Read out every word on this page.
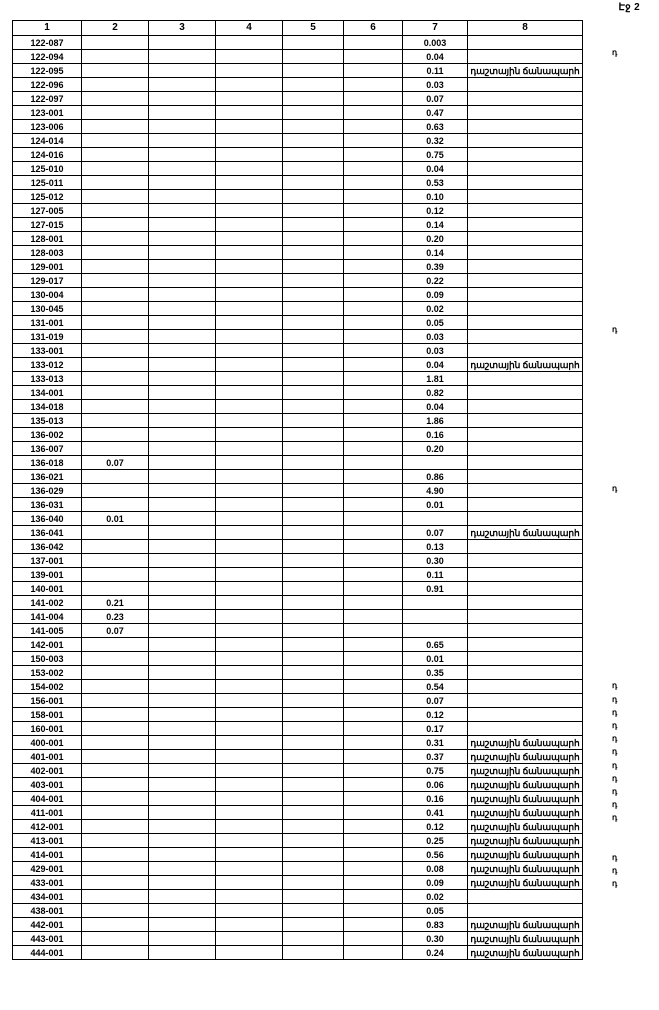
Էջ 2
1	2	3	4	5	6	7	8
122-087						0.003	
122-094						0.04	
122-095						0.11	դաշտային ճանապարհ
122-096						0.03	
122-097						0.07	
123-001						0.47	
123-006						0.63	
124-014						0.32	
124-016						0.75	
125-010						0.04	
125-011						0.53	
125-012						0.10	
127-005						0.12	
127-015						0.14	
128-001						0.20	
128-003						0.14	
129-001						0.39	
129-017						0.22	
130-004						0.09	
130-045						0.02	
131-001						0.05	
131-019						0.03	
133-001						0.03	
133-012						0.04	դաշտային ճանապարհ
133-013						1.81	
134-001						0.82	
134-018						0.04	
135-013						1.86	
136-002						0.16	
136-007						0.20	
136-018	0.07						
136-021						0.86	
136-029						4.90	
136-031						0.01	
136-040	0.01						
136-041						0.07	դաշտային ճանապարհ
136-042						0.13	
137-001						0.30	
139-001						0.11	
140-001						0.91	
141-002	0.21						
141-004	0.23						
141-005	0.07						
142-001						0.65	
150-003						0.01	
153-002						0.35	
154-002						0.54	
156-001						0.07	
158-001						0.12	
160-001						0.17	
400-001						0.31	դաշտային ճանապարհ
401-001						0.37	դաշտային ճանապարհ
402-001						0.75	դաշտային ճանապարհ
403-001						0.06	դաշտային ճանապարհ
404-001						0.16	դաշտային ճանապարհ
411-001						0.41	դաշտային ճանապարհ
412-001						0.12	դաշտային ճանապարհ
413-001						0.25	դաշտային ճանապարհ
414-001						0.56	դաշտային ճանապարհ
429-001						0.08	դաշտային ճանապարհ
433-001						0.09	դաշտային ճանապարհ
434-001						0.02	
438-001						0.05	
442-001						0.83	դաշտային ճանապարհ
443-001						0.30	դաշտային ճանապարհ
444-001						0.24	դաշտային ճանապարհ
դ
դ
դ
դ
դ
դ
դ
դ
դ
դ
դ
դ
դ
դ
դ
դ
դ
